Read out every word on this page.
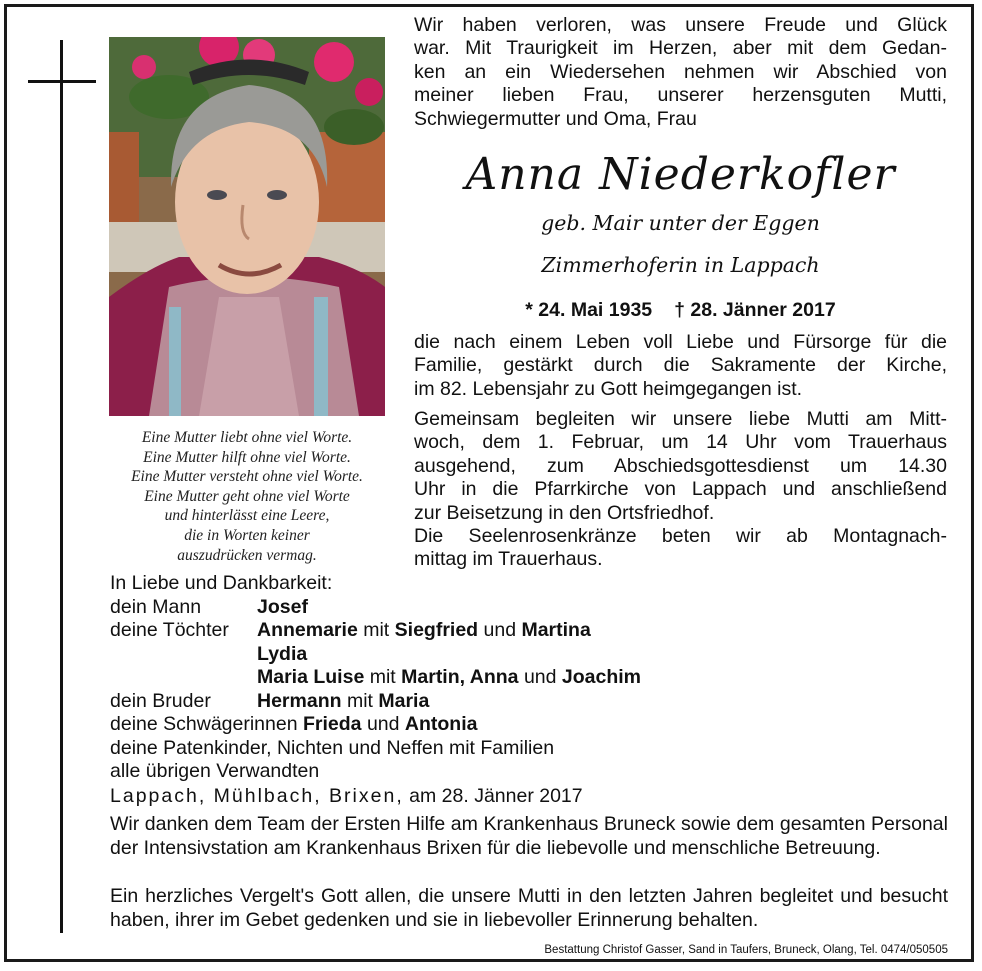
Eine Mutter liebt ohne viel Worte.
Eine Mutter hilft ohne viel Worte.
Eine Mutter versteht ohne viel Worte.
Eine Mutter geht ohne viel Worte
und hinterlässt eine Leere,
die in Worten keiner
auszudrücken vermag.
Wir haben verloren, was unsere Freude und Glück
war. Mit Traurigkeit im Herzen, aber mit dem Gedan-
ken an ein Wiedersehen nehmen wir Abschied von
meiner lieben Frau, unserer herzensguten Mutti,
Schwiegermutter und Oma, Frau
Anna Niederkofler
geb. Mair unter der Eggen
Zimmerhoferin in Lappach
* 24. Mai 1935 † 28. Jänner 2017
die nach einem Leben voll Liebe und Fürsorge für die
Familie, gestärkt durch die Sakramente der Kirche,
im 82. Lebensjahr zu Gott heimgegangen ist.
Gemeinsam begleiten wir unsere liebe Mutti am Mitt-
woch, dem 1. Februar, um 14 Uhr vom Trauerhaus
ausgehend, zum Abschiedsgottesdienst um 14.30
Uhr in die Pfarrkirche von Lappach und anschließend
zur Beisetzung in den Ortsfriedhof.
Die Seelenrosenkränze beten wir ab Montagnach-
mittag im Trauerhaus.
In Liebe und Dankbarkeit:
dein Mann	Josef
deine Töchter Annemarie mit Siegfried und Martina
Lydia
Maria Luise mit Martin, Anna und Joachim
dein Bruder Hermann mit Maria
deine Schwägerinnen Frieda und Antonia
deine Patenkinder, Nichten und Neffen mit Familien
alle übrigen Verwandten
Lappach, Mühlbach, Brixen, am 28. Jänner 2017
Wir danken dem Team der Ersten Hilfe am Krankenhaus Bruneck sowie dem gesamten Personal der Intensivstation am Krankenhaus Brixen für die liebevolle und menschliche Betreuung.
Ein herzliches Vergelt's Gott allen, die unsere Mutti in den letzten Jahren begleitet und besucht haben, ihrer im Gebet gedenken und sie in liebevoller Erinnerung behalten.
Bestattung Christof Gasser, Sand in Taufers, Bruneck, Olang, Tel. 0474/050505
